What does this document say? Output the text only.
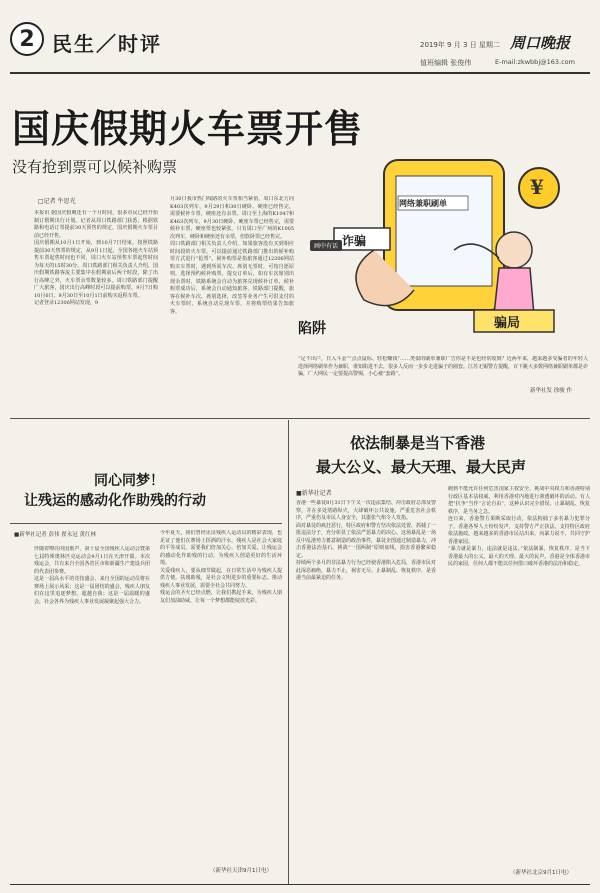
2 民生／时评	2019年 9 月 3 日 星期二 周口晚报
值班编辑 张俊伟	E-mail:zkwbbj@163.com
国庆假期火车票开售
没有抢到票可以候补购票
□记者 牛思光
本报讯 据国庆假期还有一个月时间，很多市民已经开始制订假期出行计划。记者从周口铁路部门获悉，根据铁路和电话订票提前30天预售的规定，国庆假期火车票目前已经开售。
国庆假期从10月1日开始，到10月7日结束。按照铁路提前30天售票的规定，从9月1日起，全国各地火车站预售车票起售时间也不同，周口火车站预售车票起售时间为每天的15时30分。周口铁路部门相关负责人介绍，国庆假期铁路客流主要集中在假期前后两个时段，除了出行高峰之外，火车票余票数量较多。周口铁路部门提醒广大旅客，国庆出行高峰时段可以提前购票，9月7日购10月6日，9月30日至10月1日前购买返程车票。
记者登录12306网站发现，9
月30日我市热门线路的火车票相当紧俏，周口东北方向K403次列车，9月29日和30日硬卧、硬座已经售完，需要候补车票，硬座还有余票。周口至上海的K1047和K463次列车，9月30日硬卧、硬座车票已经售完，需要候补车票，硬座票也较紧张。只有周口至广州的K1005次列车，硬卧和硬座还有余票，但软卧票已经售完。
周口铁路部门相关负责人介绍，如果旅客没有买到相应时间段的火车票，可以提前通过铁路部门推出的候补购票方式进行“抢票”。候补购票是指旅客通过12306网站购买车票时，遇到所需车次、席别无票时，可按自愿原则，选择预约候补购票，提交订单后，如有车次席别出现余票时，铁路系统会自动为旅客兑现候补订单，候补购票成功后，系统会自动通知旅客。铁路部门提醒，旅客在候补车次、席别选择，改签等业务产生可供支付的火车票时，系统自动兑现车票，并将购票结果告知旅客。
网络兼职刷单
¥
诈骗
骗局
画中有话
陷阱
“足不出户，日入斗金”“点点鼠标、轻松赚钱”……类似的刷单兼职广告你是不是也经常收到？近两年来，越来越多受骗者的年轻人选择网络刷单作为兼职，谁知陷进不去，很多人反而一步步走进骗子的圈套。江苏无锡警方提醒，百下跳大多数网络兼职刷单都是诈骗，广大网民一定要提高警惕，小心被“套路”。
新华社发 徐骏 作
依法制暴是当下香港
最大公义、最大天理、最大民声
■新华社记者
香港一些暴徒8月31日下午又一次违法集结、冲击政府总部及警察，并在多处堵路纵火，大肆破坏公共设施，严重危害社会秩序，严重伤及市民人身安全，其嚣张气焰令人发指。
面对暴徒的疯狂恶行，特区政府和警方坚决依法处置，抓捕了一批违法分子，充分彰显了依法严惩暴力的决心。这场暴乱是一场反中乱港势力蓄意制造的政治事件，暴徒企图通过制造暴力，冲击香港法治基石，挑战“一国两制”原则底线，损害香港繁荣稳定。
持续两个多月的非法暴力行为已经使香港陷入危局，香港市民对此深恶痛绝，暴力不止，祸害无尽。止暴制乱、恢复秩序，是香港当前最紧迫的任务。
跑到不能允许任何危害国家主权安全、挑战中央权力和香港特别行政区基本法权威、利用香港对内地进行渗透破坏的活动。有人把“抗争”当作“言论自由”，这种认识完全错误。止暴制乱、恢复秩序，是当务之急。
连日来，香港警方果断采取行动，依法拘捕了多名暴力犯罪分子。香港各界人士纷纷发声，支持警方严正执法，支持特区政府依法施政。越来越多的香港市民站出来，向暴力说不，共同守护香港家园。
“暴力就是暴力，违法就是违法。”依法制暴，恢复秩序，是当下香港最大的公义、最大的天理、最大的民声。香港是全体香港市民的家园，任何人都不能以任何借口破坏香港的法治和稳定。
（新华社北京9月1日电）
同心同梦！
让残运的感动化作助残的行动
■新华社记者 彭伟 翟永冠 黄红林
伴随着嘹亮的国歌声，第十届全国残疾人运动会暨第七届特殊奥林匹克运动会9月1日在天津开幕。本次残运会，共有来自全国各省区市和新疆生产建设兵团的代表团参赛。
这是一届高水平的竞技盛会，来自全国的运动员将在赛场上展示风采；这是一届团结的盛会，残疾人朋友们在这里追逐梦想、超越自我；这是一届温暖的盛会，社会各界为残疾人事业发展凝聚起强大合力。
今年夏天，我们曾经见证残疾人运动员的精彩表现，也见证了他们在赛场上挥洒的汗水。残疾人是社会大家庭的平等成员，需要我们倍加关心、倍加关爱。让残运会的感动化作助残的行动，为残疾人创造更好的生活环境。
关爱残疾人，要从细节做起，在日常生活中为残疾人提供方便。扶残助残，是社会文明进步的重要标志。推动残疾人事业发展，需要全社会共同努力。
残运会的圣火已经点燃，让我们携起手来，为残疾人朋友们加油助威，让每一个梦想都能绽放光彩。
（新华社天津9月1日电）
